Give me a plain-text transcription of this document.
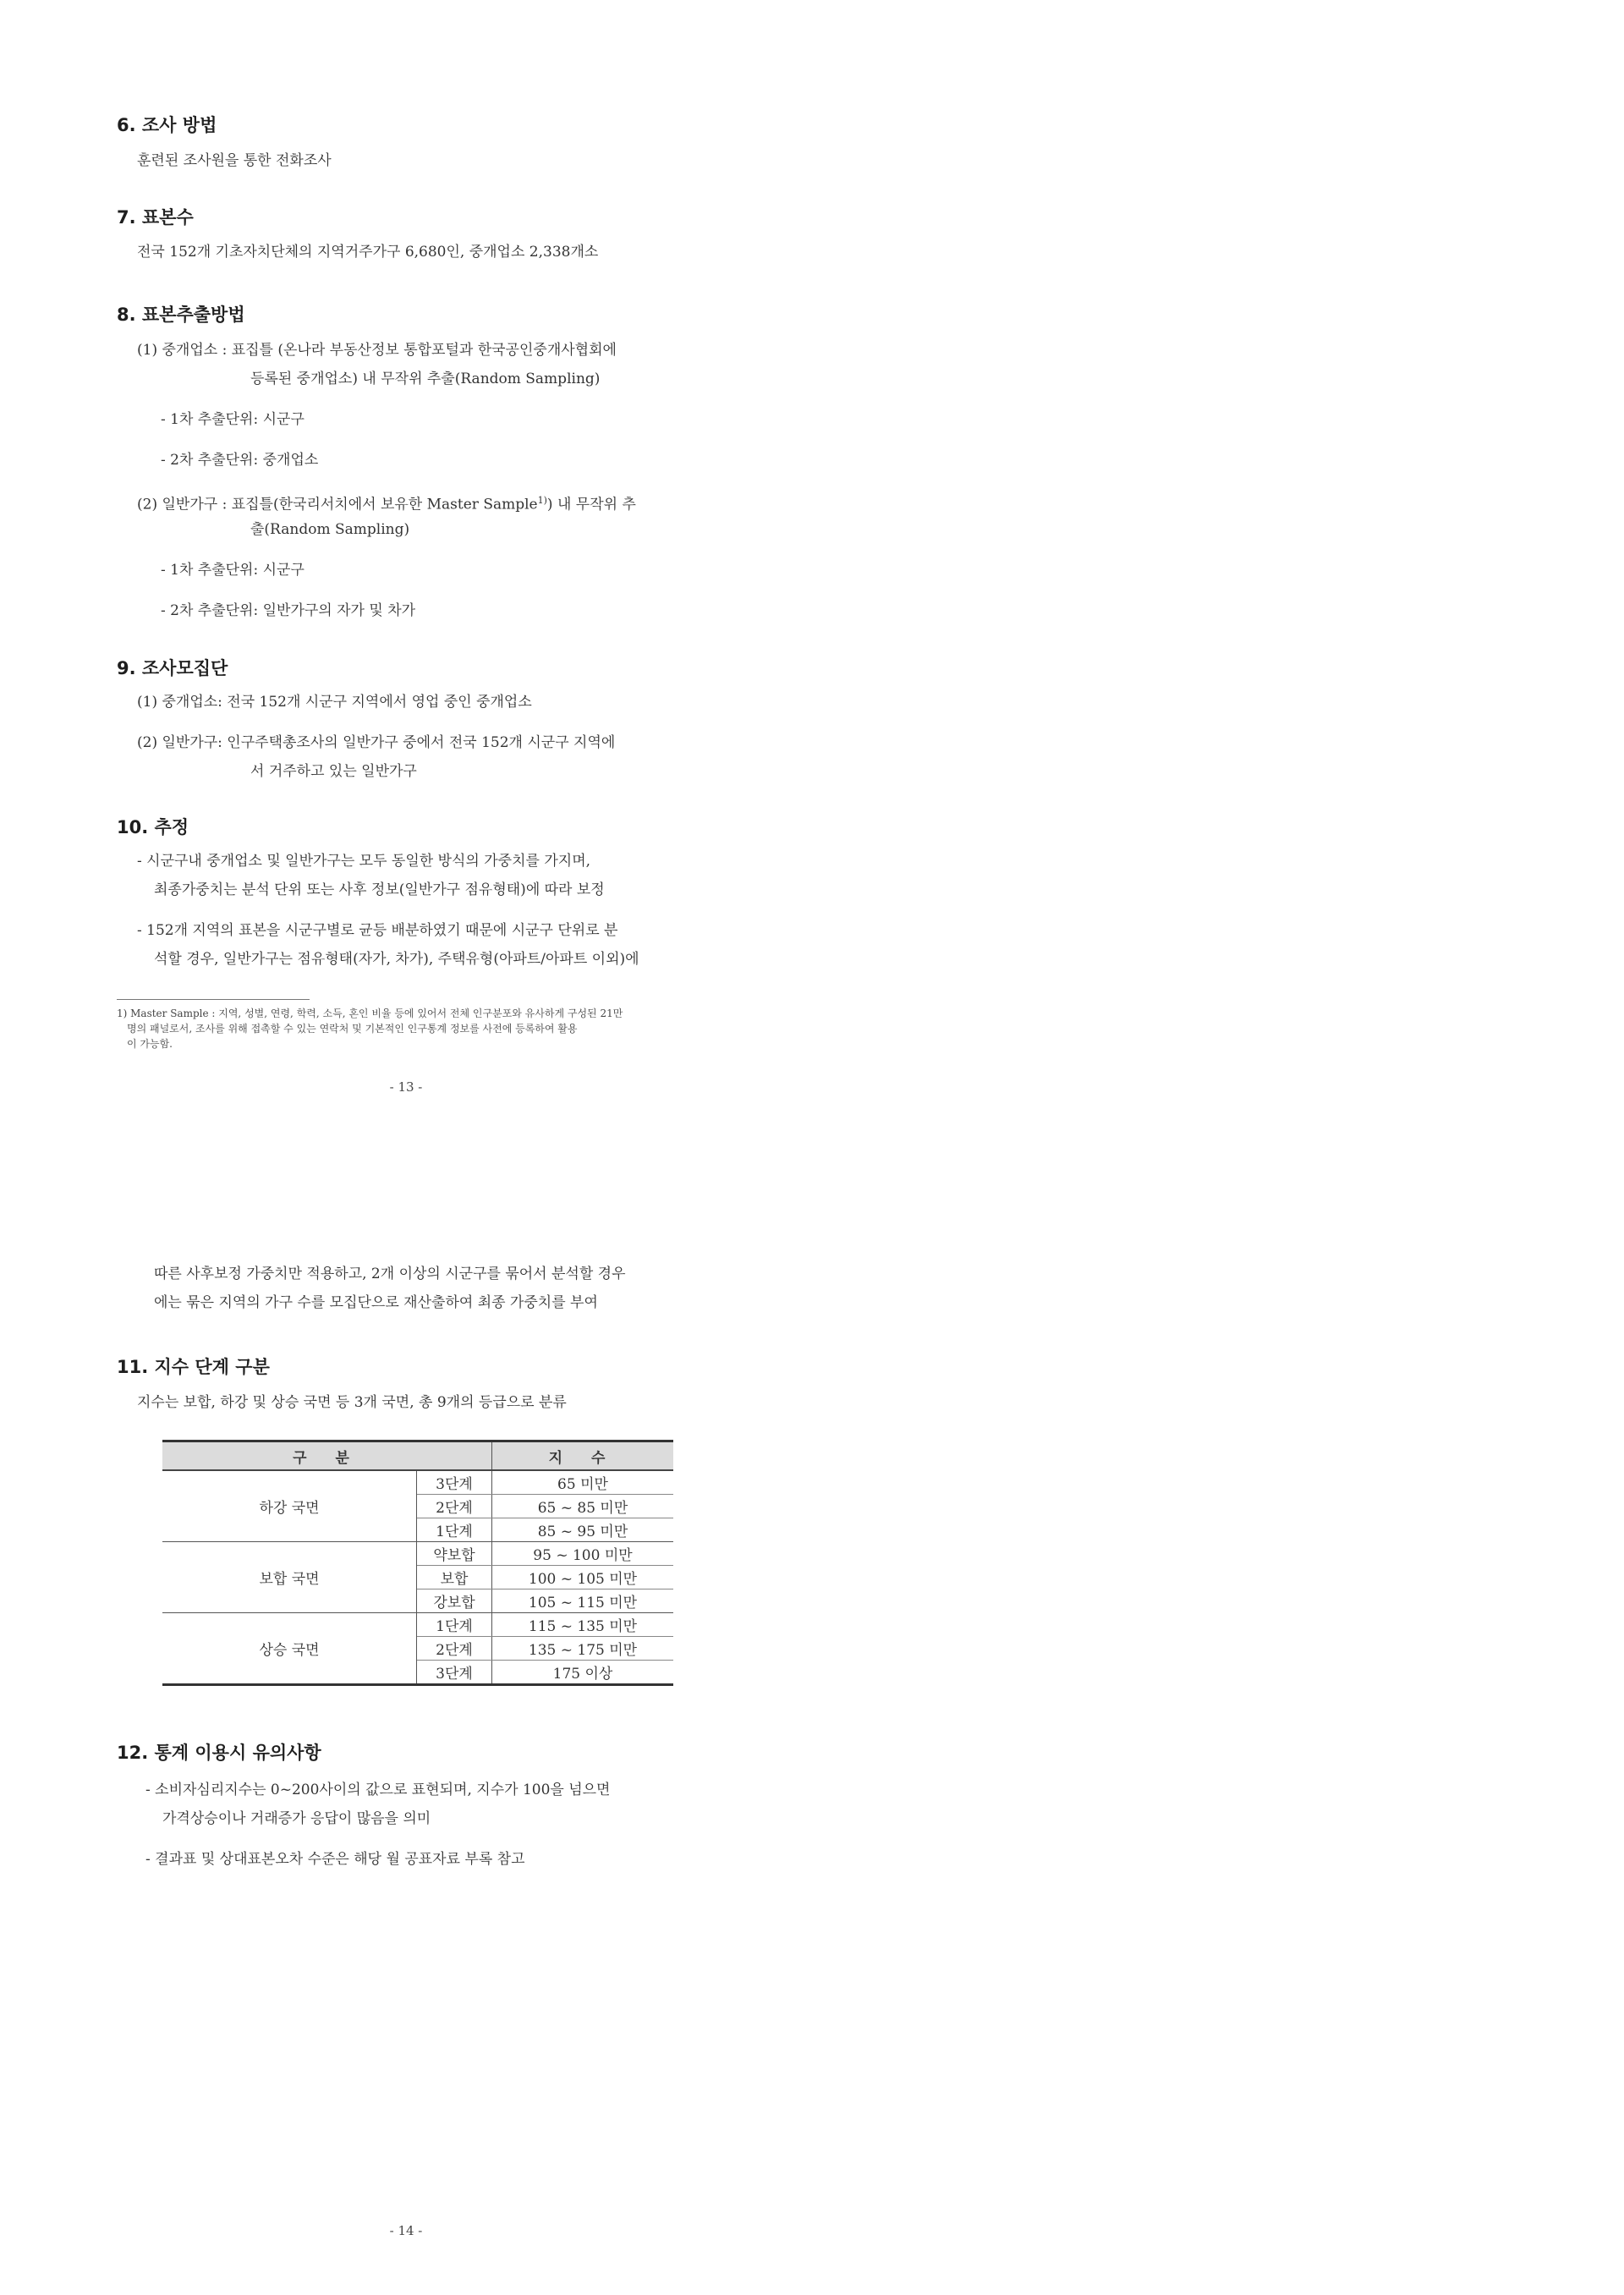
6. 조사 방법
훈련된 조사원을 통한 전화조사
7. 표본수
전국 152개 기초자치단체의 지역거주가구 6,680인, 중개업소 2,338개소
8. 표본추출방법
(1) 중개업소 : 표집틀 (온나라 부동산정보 통합포털과 한국공인중개사협회에
등록된 중개업소) 내 무작위 추출(Random Sampling)
- 1차 추출단위: 시군구
- 2차 추출단위: 중개업소
(2) 일반가구 : 표집틀(한국리서치에서 보유한 Master Sample$^{1)}$) 내 무작위 추
출(Random Sampling)
- 1차 추출단위: 시군구
- 2차 추출단위: 일반가구의 자가 및 차가
9. 조사모집단
(1) 중개업소: 전국 152개 시군구 지역에서 영업 중인 중개업소
(2) 일반가구: 인구주택총조사의 일반가구 중에서 전국 152개 시군구 지역에
서 거주하고 있는 일반가구
10. 추정
- 시군구내 중개업소 및 일반가구는 모두 동일한 방식의 가중치를 가지며,
최종가중치는 분석 단위 또는 사후 정보(일반가구 점유형태)에 따라 보정
- 152개 지역의 표본을 시군구별로 균등 배분하였기 때문에 시군구 단위로 분
석할 경우, 일반가구는 점유형태(자가, 차가), 주택유형(아파트/아파트 이외)에
1) Master Sample : 지역, 성별, 연령, 학력, 소득, 혼인 비율 등에 있어서 전체 인구분포와 유사하게 구성된 21만
명의 패널로서, 조사를 위해 접촉할 수 있는 연락처 및 기본적인 인구통계 정보를 사전에 등록하여 활용
이 가능함.
- 13 -
따른 사후보정 가중치만 적용하고, 2개 이상의 시군구를 묶어서 분석할 경우
에는 묶은 지역의 가구 수를 모집단으로 재산출하여 최종 가중치를 부여
11. 지수 단계 구분
지수는 보합, 하강 및 상승 국면 등 3개 국면, 총 9개의 등급으로 분류
12. 통계 이용시 유의사항
- 소비자심리지수는 0~200사이의 값으로 표현되며, 지수가 100을 넘으면
가격상승이나 거래증가 응답이 많음을 의미
- 결과표 및 상대표본오차 수준은 해당 월 공표자료 부록 참고
- 14 -
구 분		지 수
하강 국면	3단계	65 미만
	2단계	65 ~ 85 미만
	1단계	85 ~ 95 미만
보합 국면	약보합	95 ~ 100 미만
	보합	100 ~ 105 미만
	강보합	105 ~ 115 미만
상승 국면	1단계	115 ~ 135 미만
	2단계	135 ~ 175 미만
	3단계	175 이상
